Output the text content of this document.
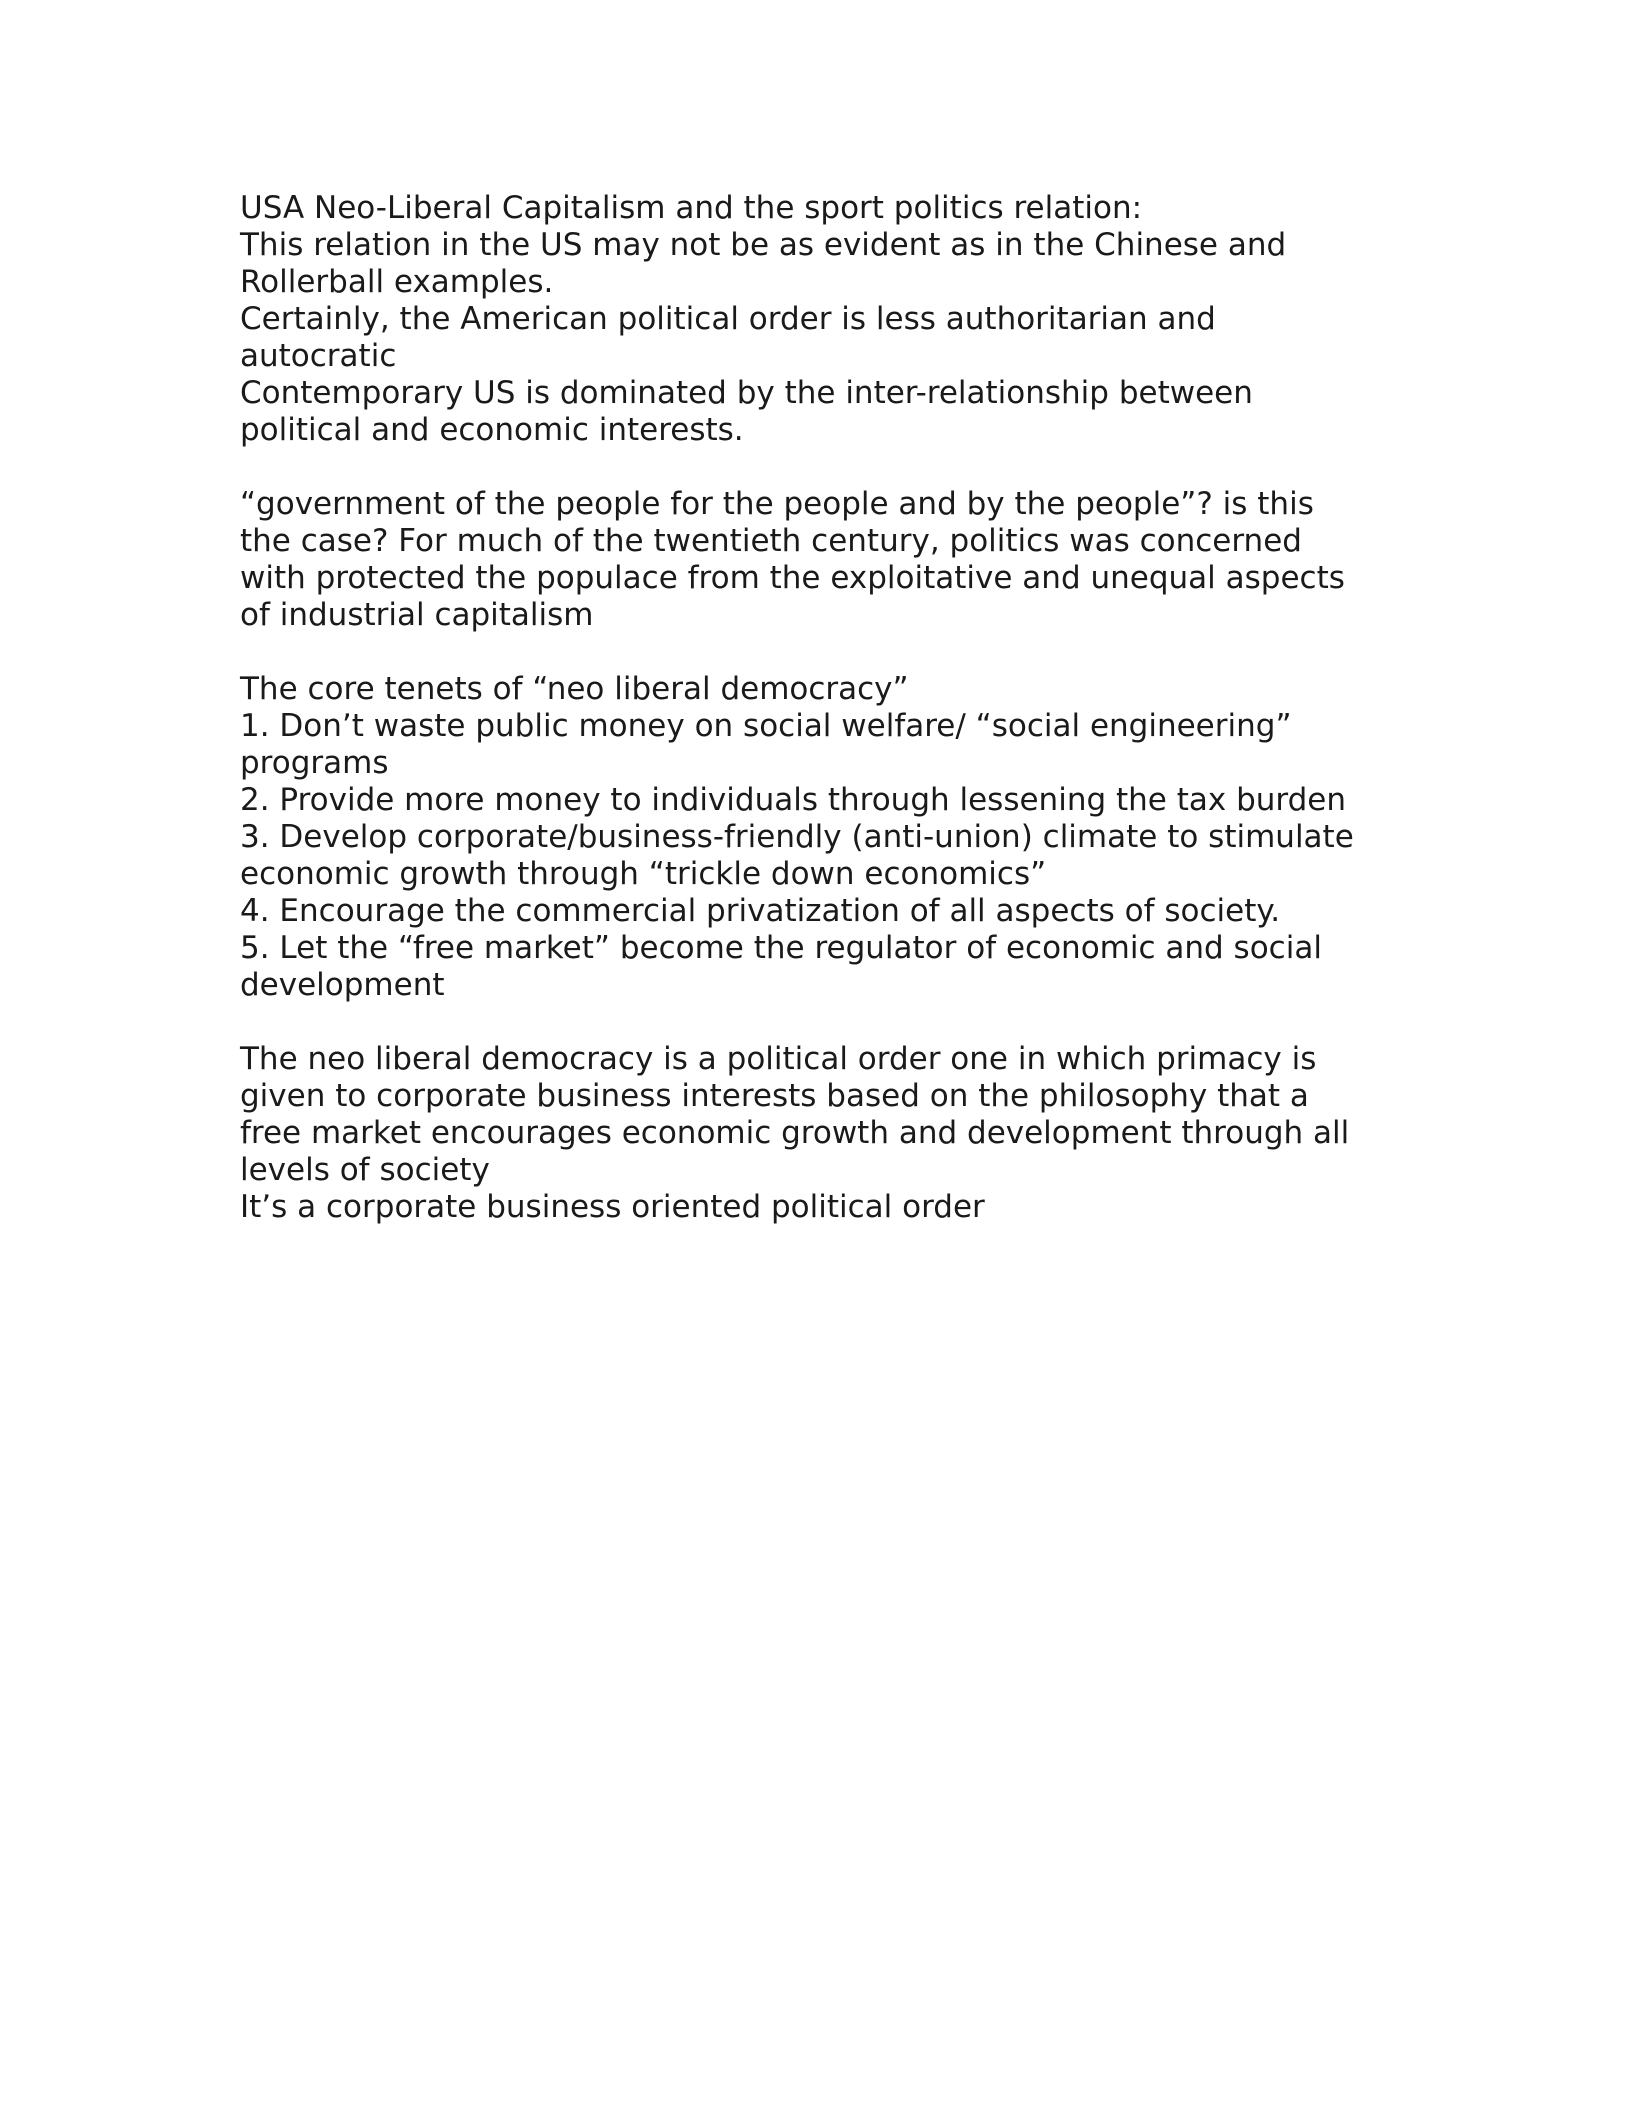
USA Neo-Liberal Capitalism and the sport politics relation:
This relation in the US may not be as evident as in the Chinese and
Rollerball examples.
Certainly, the American political order is less authoritarian and
autocratic
Contemporary US is dominated by the inter-relationship between
political and economic interests.

“government of the people for the people and by the people”? is this
the case? For much of the twentieth century, politics was concerned
with protected the populace from the exploitative and unequal aspects
of industrial capitalism

The core tenets of “neo liberal democracy”
1. Don’t waste public money on social welfare/ “social engineering”
programs
2. Provide more money to individuals through lessening the tax burden
3. Develop corporate/business-friendly (anti-union) climate to stimulate
economic growth through “trickle down economics”
4. Encourage the commercial privatization of all aspects of society.
5. Let the “free market” become the regulator of economic and social
development

The neo liberal democracy is a political order one in which primacy is
given to corporate business interests based on the philosophy that a
free market encourages economic growth and development through all
levels of society
It’s a corporate business oriented political order
